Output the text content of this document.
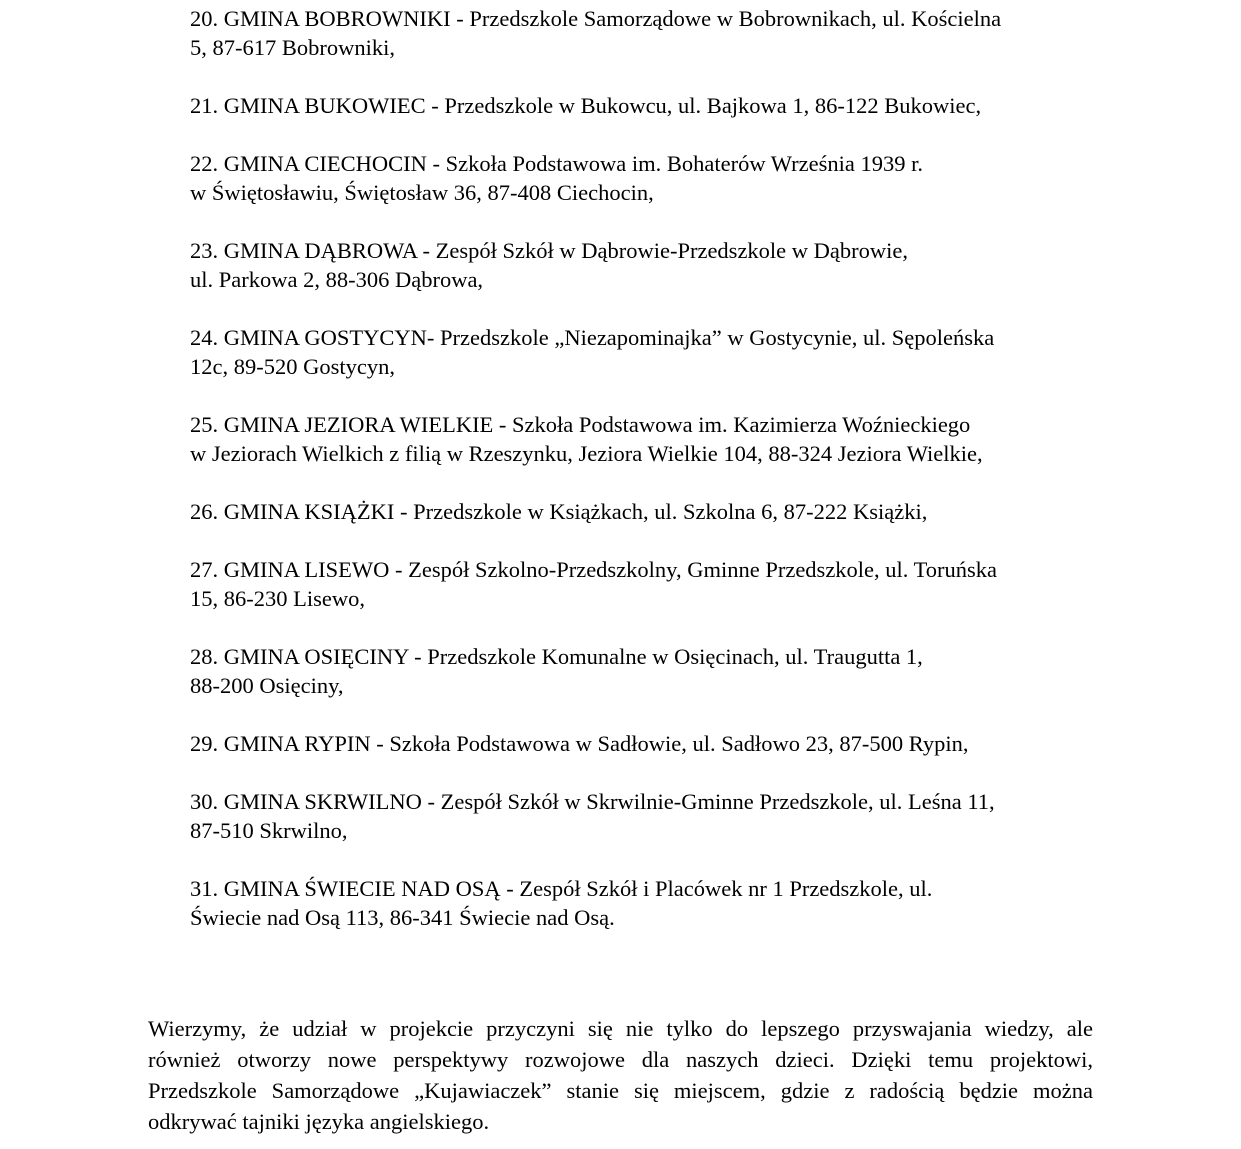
20. GMINA BOBROWNIKI - Przedszkole Samorządowe w Bobrownikach, ul. Kościelna
5, 87-617 Bobrowniki,
21. GMINA BUKOWIEC - Przedszkole w Bukowcu, ul. Bajkowa 1, 86-122 Bukowiec,
22. GMINA CIECHOCIN - Szkoła Podstawowa im. Bohaterów Września 1939 r.
w Świętosławiu, Świętosław 36, 87-408 Ciechocin,
23. GMINA DĄBROWA - Zespół Szkół w Dąbrowie-Przedszkole w Dąbrowie,
ul. Parkowa 2, 88-306 Dąbrowa,
24. GMINA GOSTYCYN- Przedszkole „Niezapominajka” w Gostycynie, ul. Sępoleńska
12c, 89-520 Gostycyn,
25. GMINA JEZIORA WIELKIE - Szkoła Podstawowa im. Kazimierza Woźnieckiego
w Jeziorach Wielkich z filią w Rzeszynku, Jeziora Wielkie 104, 88-324 Jeziora Wielkie,
26. GMINA KSIĄŻKI - Przedszkole w Książkach, ul. Szkolna 6, 87-222 Książki,
27. GMINA LISEWO - Zespół Szkolno-Przedszkolny, Gminne Przedszkole, ul. Toruńska
15, 86-230 Lisewo,
28. GMINA OSIĘCINY - Przedszkole Komunalne w Osięcinach, ul. Traugutta 1,
88-200 Osięciny,
29. GMINA RYPIN - Szkoła Podstawowa w Sadłowie, ul. Sadłowo 23, 87-500 Rypin,
30. GMINA SKRWILNO - Zespół Szkół w Skrwilnie-Gminne Przedszkole, ul. Leśna 11,
87-510 Skrwilno,
31. GMINA ŚWIECIE NAD OSĄ - Zespół Szkół i Placówek nr 1 Przedszkole, ul.
Świecie nad Osą 113, 86-341 Świecie nad Osą.

Wierzymy, że udział w projekcie przyczyni się nie tylko do lepszego przyswajania wiedzy, ale
również otworzy nowe perspektywy rozwojowe dla naszych dzieci. Dzięki temu projektowi,
Przedszkole Samorządowe „Kujawiaczek” stanie się miejscem, gdzie z radością będzie można
odkrywać tajniki języka angielskiego.
